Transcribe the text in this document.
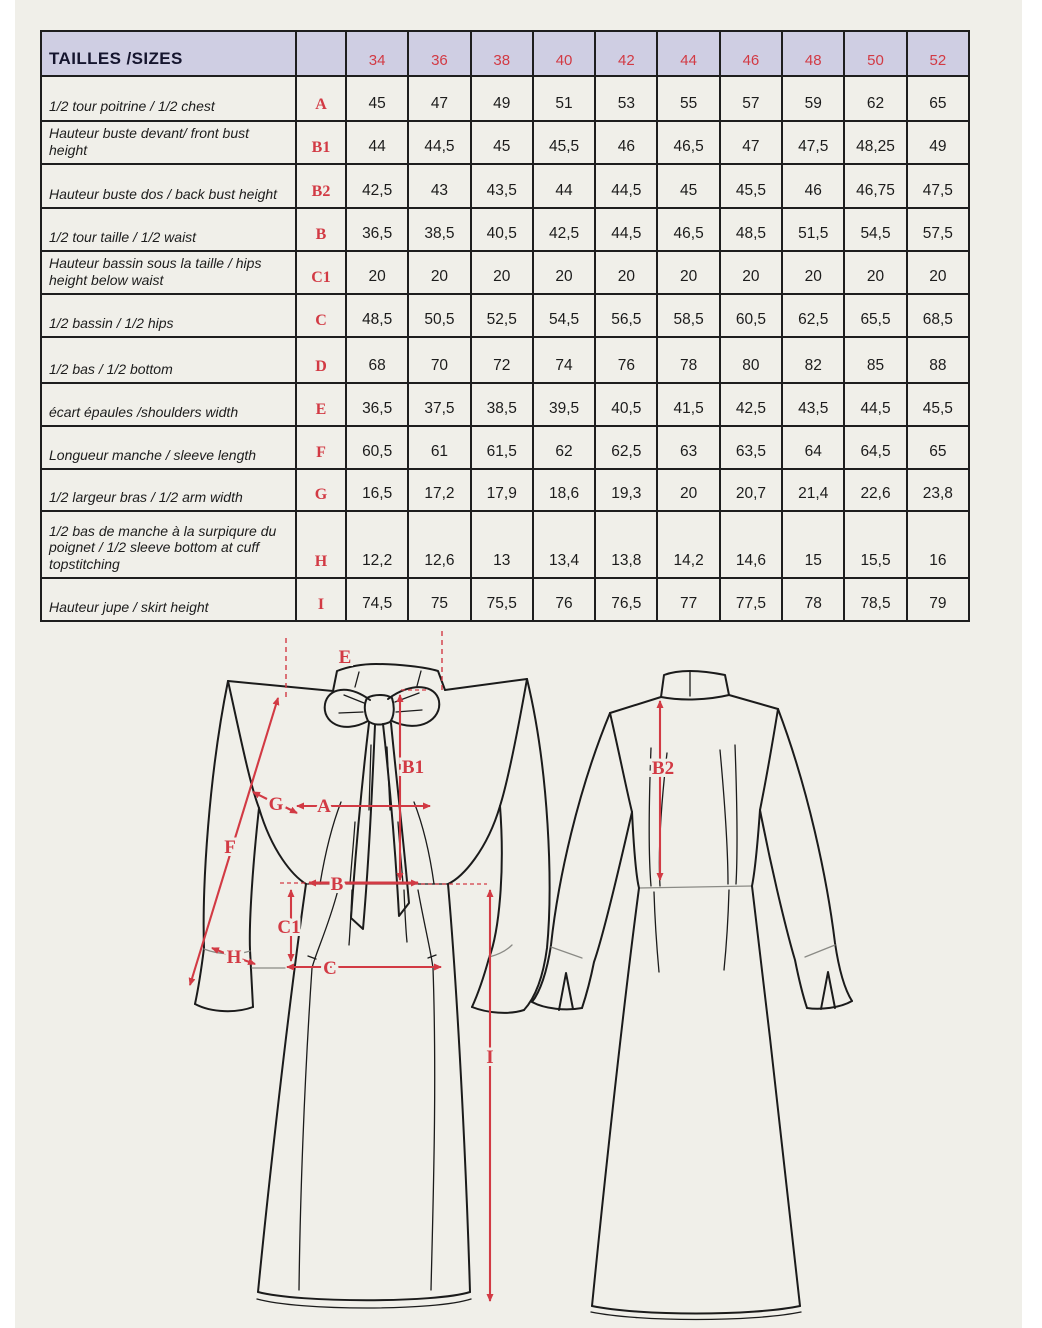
TAILLES /SIZES		34	36	38	40	42	44	46	48	50	52
1/2 tour poitrine / 1/2 chest	A	45	47	49	51	53	55	57	59	62	65
Hauteur buste devant/ front bust height	B1	44	44,5	45	45,5	46	46,5	47	47,5	48,25	49
Hauteur buste dos / back bust height	B2	42,5	43	43,5	44	44,5	45	45,5	46	46,75	47,5
1/2 tour taille / 1/2 waist	B	36,5	38,5	40,5	42,5	44,5	46,5	48,5	51,5	54,5	57,5
Hauteur bassin sous la taille / hips height below waist	C1	20	20	20	20	20	20	20	20	20	20
1/2 bassin / 1/2 hips	C	48,5	50,5	52,5	54,5	56,5	58,5	60,5	62,5	65,5	68,5
1/2 bas / 1/2 bottom	D	68	70	72	74	76	78	80	82	85	88
écart épaules /shoulders width	E	36,5	37,5	38,5	39,5	40,5	41,5	42,5	43,5	44,5	45,5
Longueur manche / sleeve length	F	60,5	61	61,5	62	62,5	63	63,5	64	64,5	65
1/2 largeur bras / 1/2 arm width	G	16,5	17,2	17,9	18,6	19,3	20	20,7	21,4	22,6	23,8
1/2 bas de manche à la surpiqure du poignet / 1/2 sleeve bottom at cuff topstitching	H	12,2	12,6	13	13,4	13,8	14,2	14,6	15	15,5	16
Hauteur jupe / skirt height	I	74,5	75	75,5	76	76,5	77	77,5	78	78,5	79
E
B1
A
G
F
B
C1
H
C
I
B2
